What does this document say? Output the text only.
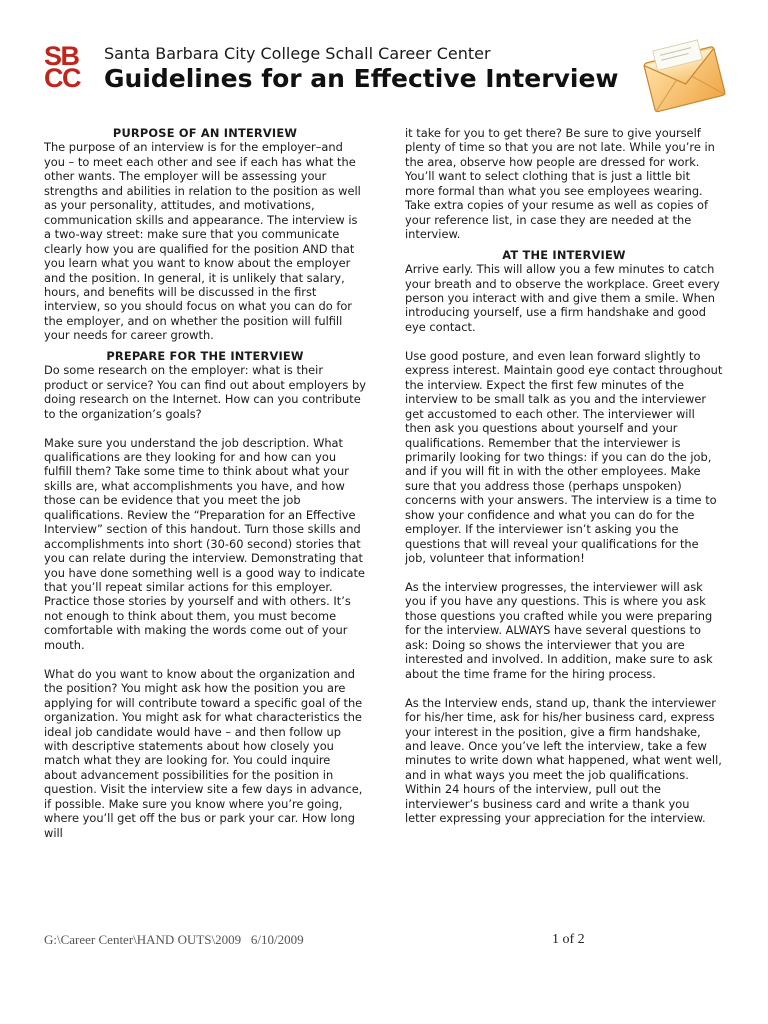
SB
CC
Santa Barbara City College Schall Career Center
Guidelines for an Effective Interview
PURPOSE OF AN INTERVIEW

The purpose of an interview is for the employer–and you – to meet each other and see if each has what the other wants. The employer will be assessing your strengths and abilities in relation to the position as well as your personality, attitudes, and motivations, communication skills and appearance. The interview is a two-way street: make sure that you communicate clearly how you are qualified for the position AND that you learn what you want to know about the employer and the position. In general, it is unlikely that salary, hours, and benefits will be discussed in the first interview, so you should focus on what you can do for the employer, and on whether the position will fulfill your needs for career growth.

PREPARE FOR THE INTERVIEW

Do some research on the employer: what is their product or service? You can find out about employers by doing research on the Internet. How can you contribute to the organization’s goals?

Make sure you understand the job description. What qualifications are they looking for and how can you fulfill them? Take some time to think about what your skills are, what accomplishments you have, and how those can be evidence that you meet the job qualifications. Review the “Preparation for an Effective Interview” section of this handout. Turn those skills and accomplishments into short (30-60 second) stories that you can relate during the interview. Demonstrating that you have done something well is a good way to indicate that you’ll repeat similar actions for this employer. Practice those stories by yourself and with others. It’s not enough to think about them, you must become comfortable with making the words come out of your mouth.

What do you want to know about the organization and the position? You might ask how the position you are applying for will contribute toward a specific goal of the organization. You might ask for what characteristics the ideal job candidate would have – and then follow up with descriptive statements about how closely you match what they are looking for. You could inquire about advancement possibilities for the position in question. Visit the interview site a few days in advance, if possible. Make sure you know where you’re going, where you’ll get off the bus or park your car. How long will

it take for you to get there? Be sure to give yourself plenty of time so that you are not late. While you’re in the area, observe how people are dressed for work. You’ll want to select clothing that is just a little bit more formal than what you see employees wearing. Take extra copies of your resume as well as copies of your reference list, in case they are needed at the interview.

AT THE INTERVIEW

Arrive early. This will allow you a few minutes to catch your breath and to observe the workplace. Greet every person you interact with and give them a smile. When introducing yourself, use a firm handshake and good eye contact.

Use good posture, and even lean forward slightly to express interest. Maintain good eye contact throughout the interview. Expect the first few minutes of the interview to be small talk as you and the interviewer get accustomed to each other. The interviewer will then ask you questions about yourself and your qualifications. Remember that the interviewer is primarily looking for two things: if you can do the job, and if you will fit in with the other employees. Make sure that you address those (perhaps unspoken) concerns with your answers. The interview is a time to show your confidence and what you can do for the employer. If the interviewer isn’t asking you the questions that will reveal your qualifications for the job, volunteer that information!

As the interview progresses, the interviewer will ask you if you have any questions. This is where you ask those questions you crafted while you were preparing for the interview. ALWAYS have several questions to ask: Doing so shows the interviewer that you are interested and involved. In addition, make sure to ask about the time frame for the hiring process.

As the Interview ends, stand up, thank the interviewer for his/her time, ask for his/her business card, express your interest in the position, give a firm handshake, and leave. Once you’ve left the interview, take a few minutes to write down what happened, what went well, and in what ways you meet the job qualifications. Within 24 hours of the interview, pull out the interviewer’s business card and write a thank you letter expressing your appreciation for the interview.

G:\Career Center\HAND OUTS\2009   6/10/2009	1 of 2
